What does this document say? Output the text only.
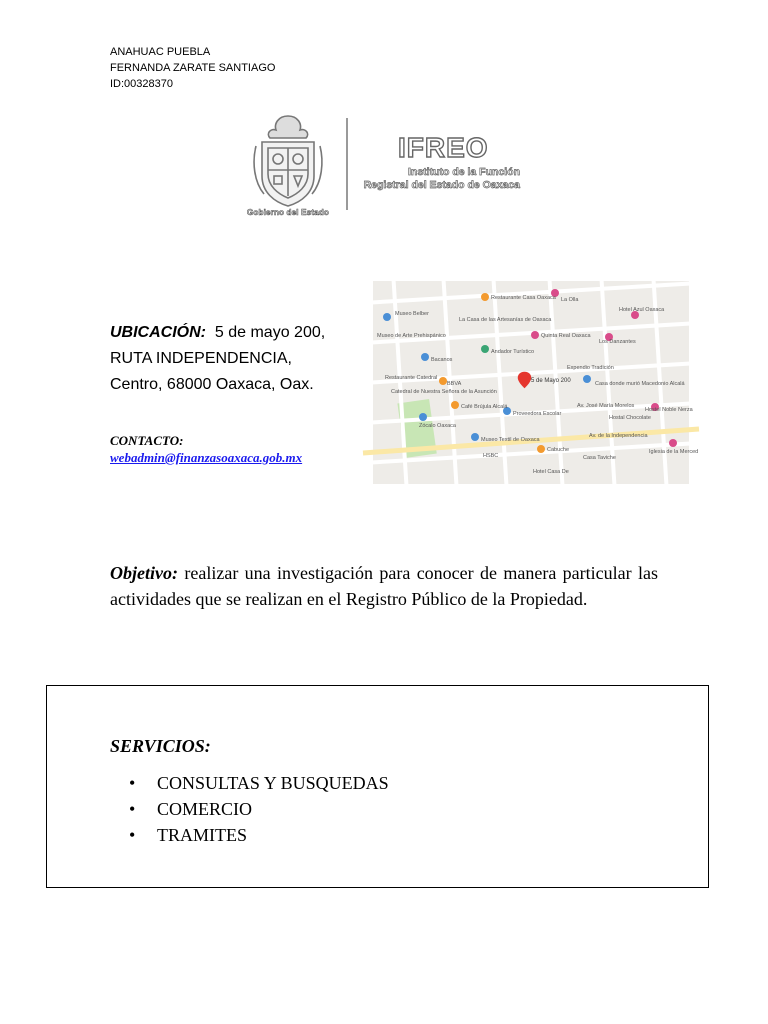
ANAHUAC PUEBLA
FERNANDA ZARATE SANTIAGO
ID:00328370
Gobierno del Estado
IFREO
Instituto de la Función
Registral del Estado de Oaxaca
UBICACIÓN: 5 de mayo 200,
RUTA INDEPENDENCIA,
Centro, 68000 Oaxaca, Oax.
CONTACTO:
webadmin@finanzasoaxaca.gob.mx
Restaurante Casa Oaxaca La Olla
Hotel Azul Oaxaca
Museo Belber
La Casa de las Artesanías de Oaxaca
Quinta Real Oaxaca
Los Danzantes
Museo de Arte Prehispánico
Andador Turístico
Bacanos
Expendio Tradición
Restaurante Catedral
Casa donde murió Macedonio Alcalá
BBVA
Café Brújula Alcalá
Catedral de Nuestra Señora de la Asunción
Proveedora Escolar
Av. José María Morelos
Zócalo Oaxaca
Museo Textil de Oaxaca
Cabuche
Av. de la Independencia
Casa Taviche
Hostal Chocolate
HSBC
Hotel Casa De
Hostel Noble Nerza
Iglesia de la Merced
5 de Mayo 200
Objetivo: realizar una investigación para conocer de manera particular las actividades que se realizan en el Registro Público de la Propiedad.
SERVICIOS:
• CONSULTAS Y BUSQUEDAS
• COMERCIO
• TRAMITES
